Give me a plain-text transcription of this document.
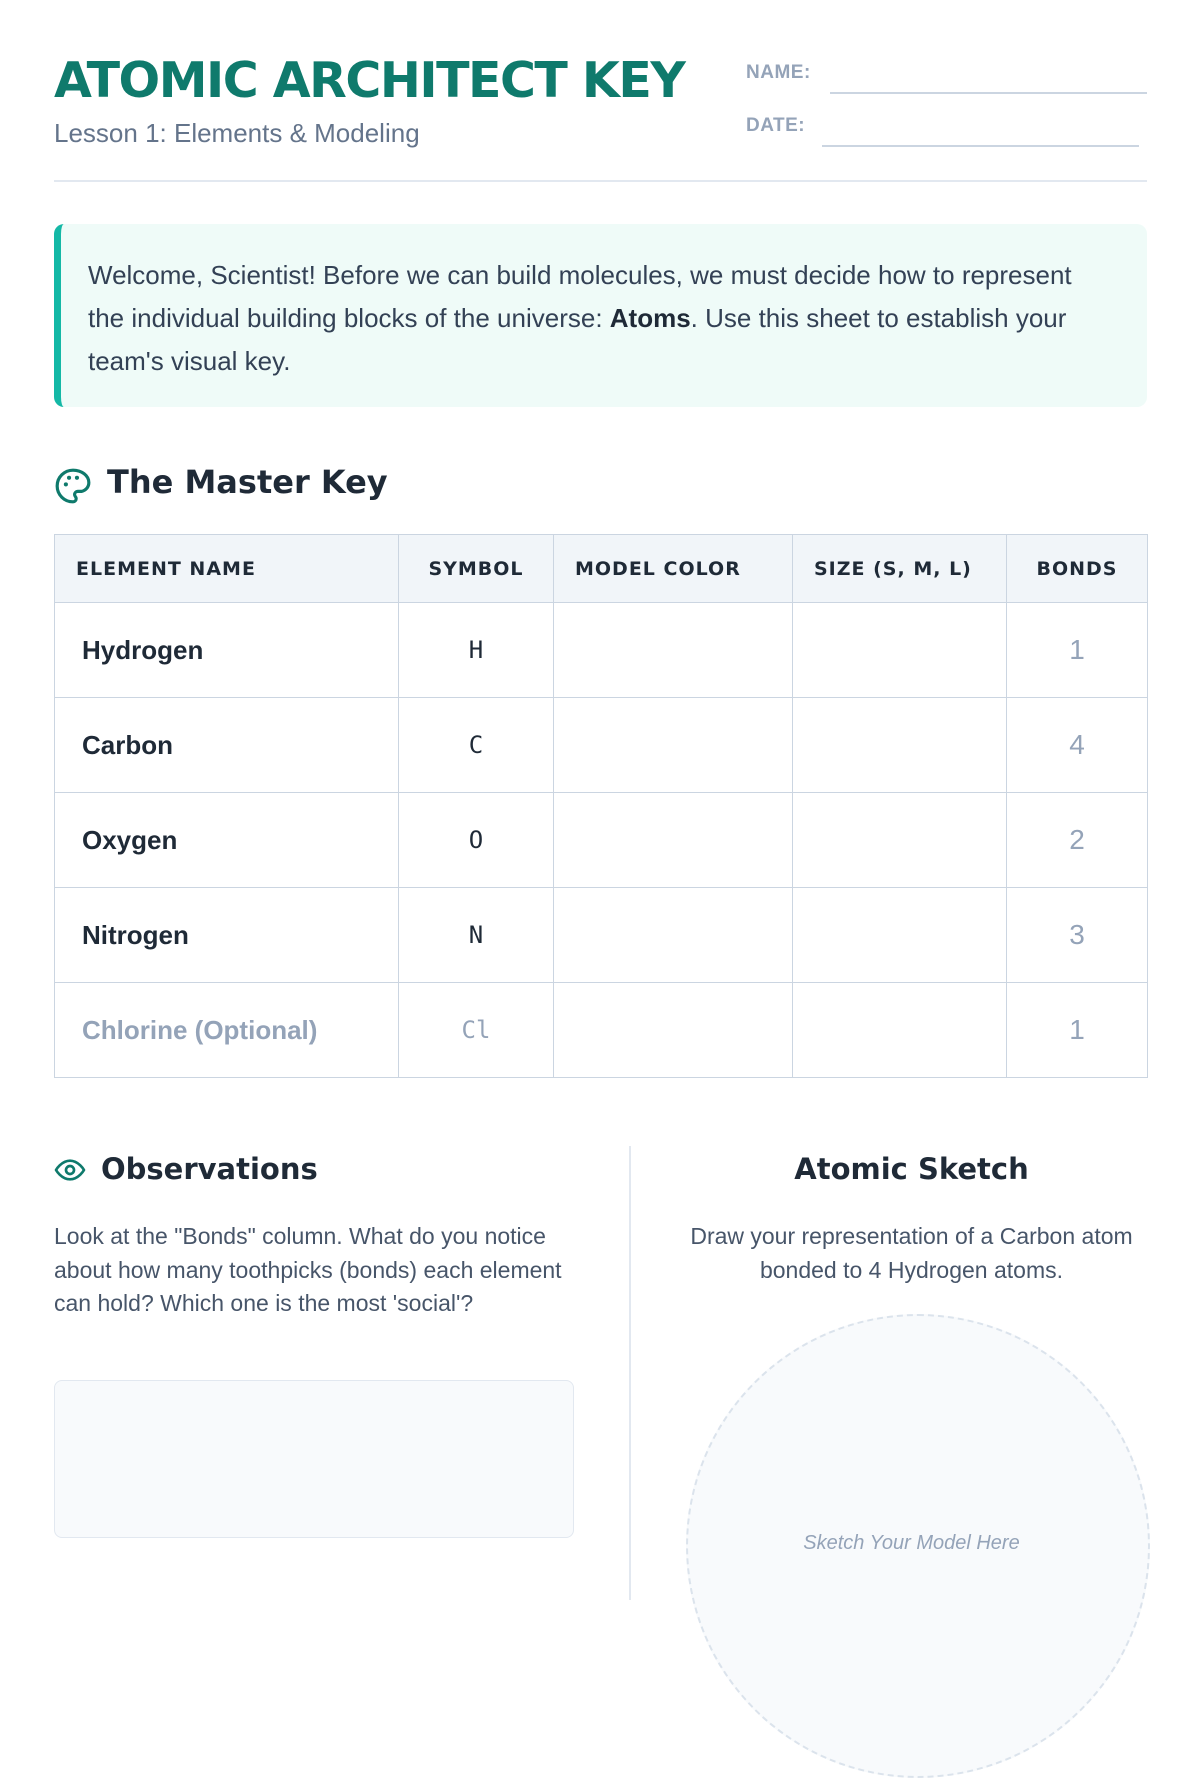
ATOMIC ARCHITECT KEY

Lesson 1: Elements & Modeling

NAME:
DATE:
Welcome, Scientist! Before we can build molecules, we must decide how to represent the individual building blocks of the universe: Atoms. Use this sheet to establish your team's visual key.
The Master Key
ELEMENT NAME	SYMBOL	MODEL COLOR	SIZE (S, M, L)	BONDS
Hydrogen	H			1
Carbon	C			4
Oxygen	O			2
Nitrogen	N			3
Chlorine (Optional)	Cl			1
Observations

Look at the "Bonds" column. What do you notice about how many toothpicks (bonds) each element can hold? Which one is the most 'social'?

Atomic Sketch

Draw your representation of a Carbon atom bonded to 4 Hydrogen atoms.

Sketch Your Model Here
